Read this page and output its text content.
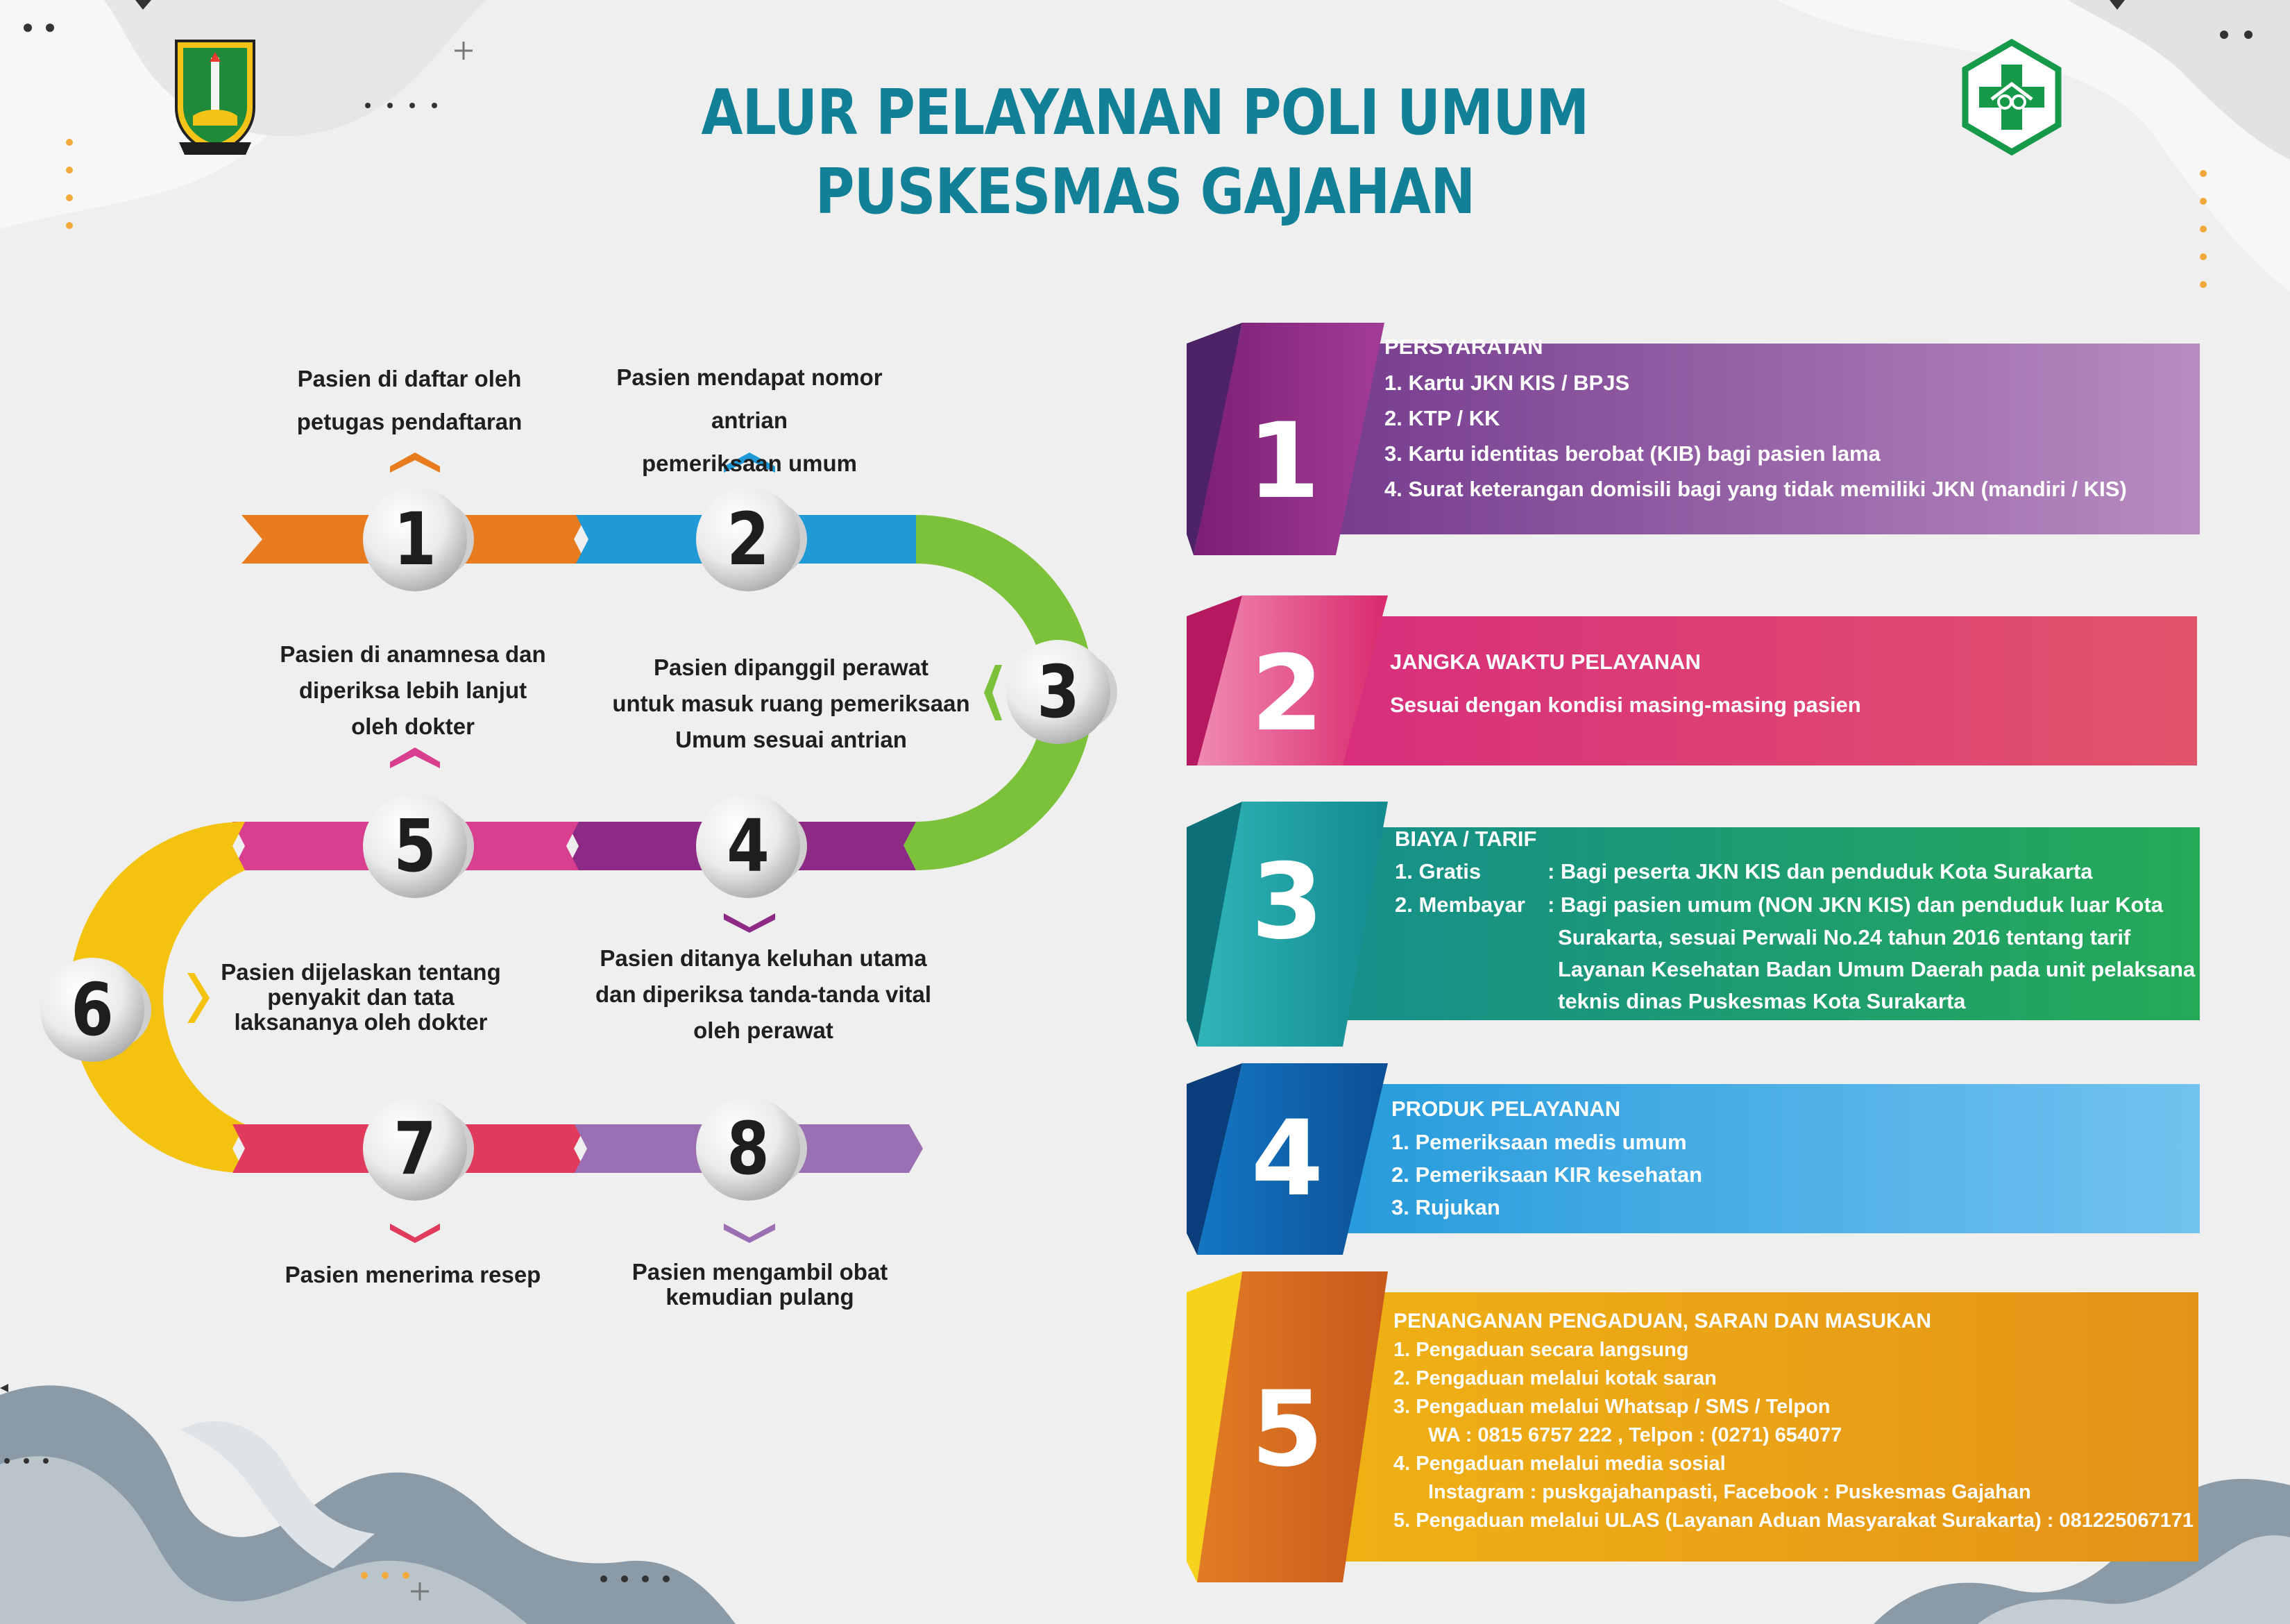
ALUR PELAYANAN POLI UMUM
PUSKESMAS GAJAHAN
1	2
3
4
5
6
7	8
Pasien di daftar oleh
petugas pendaftaran
Pasien mendapat nomor antrian
pemeriksaan umum
Pasien di anamnesa dan
diperiksa lebih lanjut
oleh dokter
Pasien dipanggil perawat
untuk masuk ruang pemeriksaan
Umum sesuai antrian
Pasien dijelaskan tentang
penyakit dan tata
laksananya oleh dokter
Pasien ditanya keluhan utama
dan diperiksa tanda-tanda vital
oleh perawat
Pasien menerima resep	Pasien mengambil obat
kemudian pulang
1
2
3
4
5
PERSYARATAN
1. Kartu JKN KIS / BPJS
2. KTP / KK
3. Kartu identitas berobat (KIB) bagi pasien lama
4. Surat keterangan domisili bagi yang tidak memiliki JKN (mandiri / KIS)
JANGKA WAKTU PELAYANAN
Sesuai dengan kondisi masing-masing pasien
BIAYA / TARIF
1. Gratis	: Bagi peserta JKN KIS dan penduduk Kota Surakarta
2. Membayar	: Bagi pasien umum (NON JKN KIS) dan penduduk luar Kota
Surakarta, sesuai Perwali No.24 tahun 2016 tentang tarif
Layanan Kesehatan Badan Umum Daerah pada unit pelaksana
teknis dinas Puskesmas Kota Surakarta
PRODUK PELAYANAN
1. Pemeriksaan medis umum
2. Pemeriksaan KIR kesehatan
3. Rujukan
PENANGANAN PENGADUAN, SARAN DAN MASUKAN
1. Pengaduan secara langsung
2. Pengaduan melalui kotak saran
3. Pengaduan melalui Whatsap / SMS / Telpon
WA : 0815 6757 222 , Telpon : (0271) 654077
4. Pengaduan melalui media sosial
Instagram : puskgajahanpasti, Facebook : Puskesmas Gajahan
5. Pengaduan melalui ULAS (Layanan Aduan Masyarakat Surakarta) : 081225067171
